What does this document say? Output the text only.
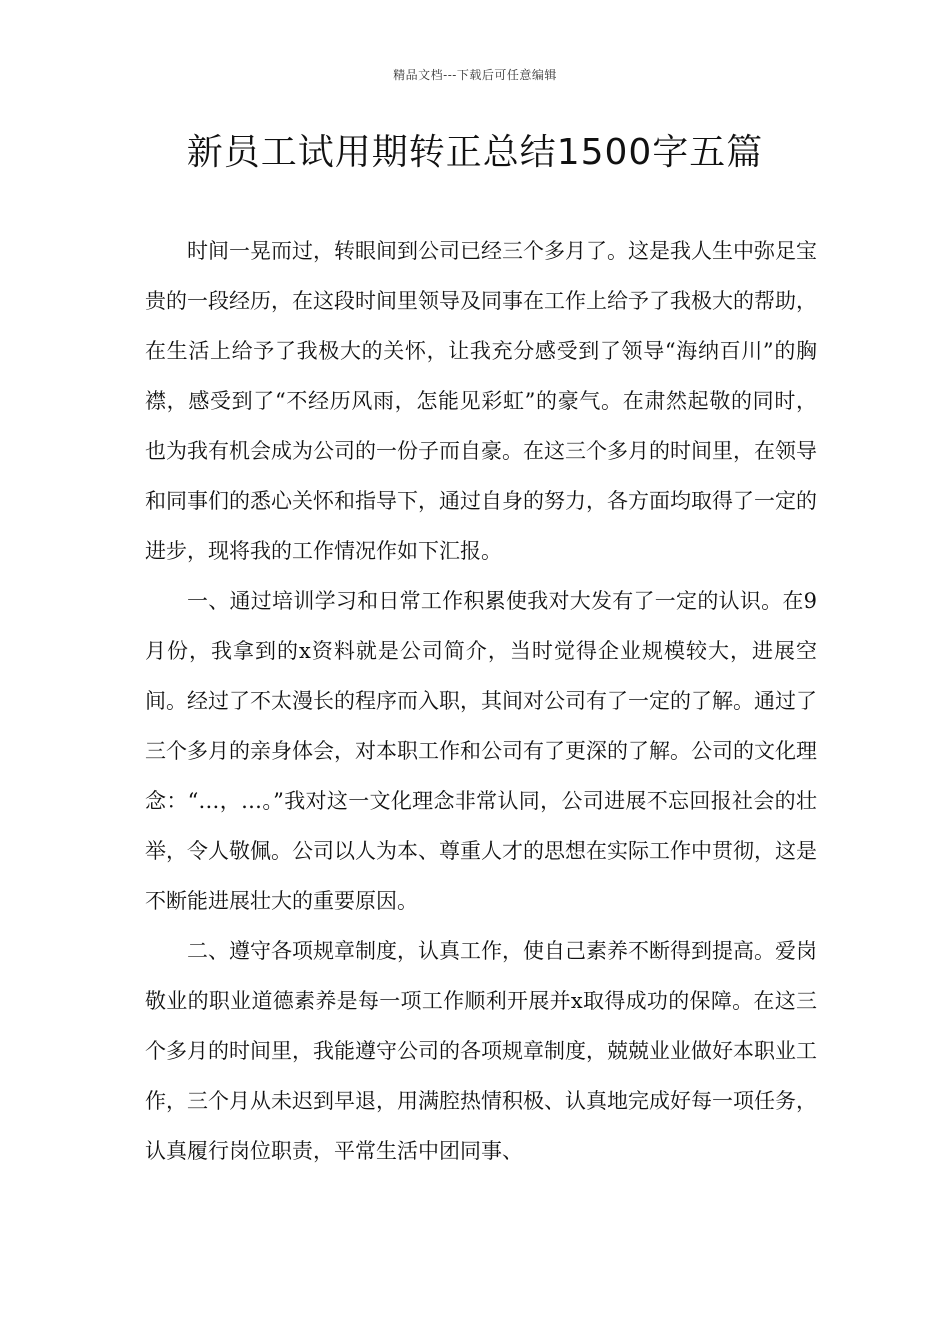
精品文档---下载后可任意编辑
新员工试用期转正总结1500字五篇

时间一晃而过，转眼间到公司已经三个多月了。这是我人生中弥足宝贵的一段经历，在这段时间里领导及同事在工作上给予了我极大的帮助，在生活上给予了我极大的关怀，让我充分感受到了领导“海纳百川”的胸襟，感受到了“不经历风雨，怎能见彩虹”的豪气。在肃然起敬的同时，也为我有机会成为公司的一份子而自豪。在这三个多月的时间里，在领导和同事们的悉心关怀和指导下，通过自身的努力，各方面均取得了一定的进步，现将我的工作情况作如下汇报。

一、通过培训学习和日常工作积累使我对大发有了一定的认识。在9月份，我拿到的x资料就是公司简介，当时觉得企业规模较大，进展空间。经过了不太漫长的程序而入职，其间对公司有了一定的了解。通过了三个多月的亲身体会，对本职工作和公司有了更深的了解。公司的文化理念：“…，…。”我对这一文化理念非常认同，公司进展不忘回报社会的壮举，令人敬佩。公司以人为本、尊重人才的思想在实际工作中贯彻，这是不断能进展壮大的重要原因。

二、遵守各项规章制度，认真工作，使自己素养不断得到提高。爱岗敬业的职业道德素养是每一项工作顺利开展并x取得成功的保障。在这三个多月的时间里，我能遵守公司的各项规章制度，兢兢业业做好本职业工作，三个月从未迟到早退，用满腔热情积极、认真地完成好每一项任务，认真履行岗位职责，平常生活中团同事、
